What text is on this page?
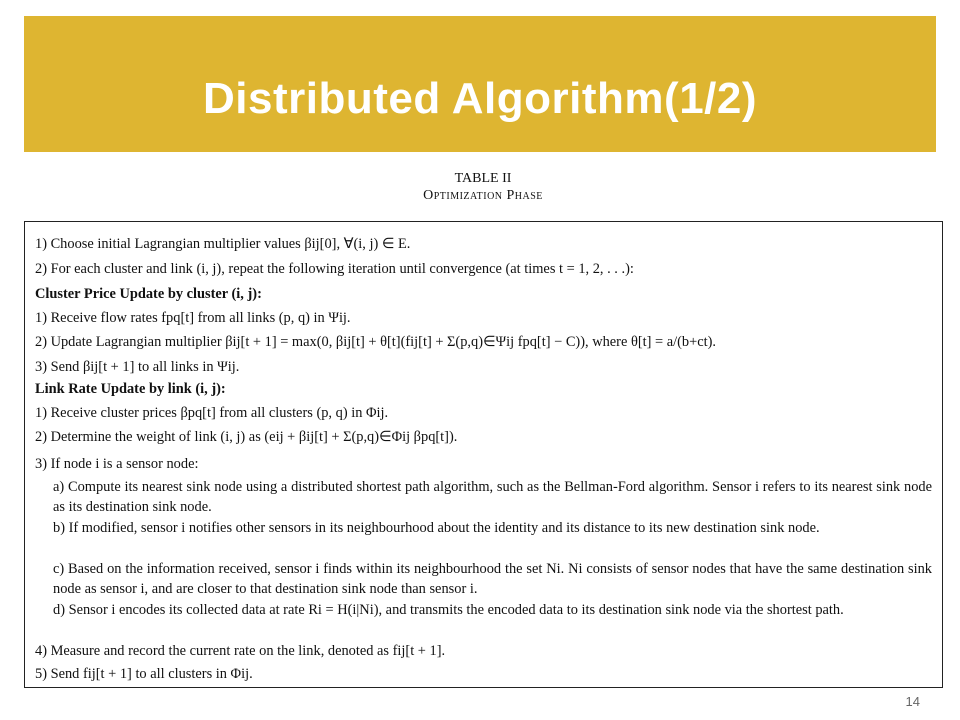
Distributed Algorithm(1/2)
TABLE II
Optimization Phase
1) Choose initial Lagrangian multiplier values βij[0], ∀(i, j) ∈ E.
2) For each cluster and link (i, j), repeat the following iteration until convergence (at times t = 1, 2, . . .):
Cluster Price Update by cluster (i, j):
1) Receive flow rates fpq[t] from all links (p, q) in Ψij.
2) Update Lagrangian multiplier βij[t + 1] = max(0, βij[t] + θ[t](fij[t] + Σ(p,q)∈Ψij fpq[t] − C)), where θ[t] = a/(b+ct).
3) Send βij[t + 1] to all links in Ψij.
Link Rate Update by link (i, j):
1) Receive cluster prices βpq[t] from all clusters (p, q) in Φij.
2) Determine the weight of link (i, j) as (eij + βij[t] + Σ(p,q)∈Φij βpq[t]).
3) If node i is a sensor node:
a) Compute its nearest sink node using a distributed shortest path algorithm, such as the Bellman-Ford algorithm. Sensor i refers to its nearest sink node as its destination sink node.
b) If modified, sensor i notifies other sensors in its neighbourhood about the identity and its distance to its new destination sink node.
c) Based on the information received, sensor i finds within its neighbourhood the set Ni. Ni consists of sensor nodes that have the same destination sink node as sensor i, and are closer to that destination sink node than sensor i.
d) Sensor i encodes its collected data at rate Ri = H(i|Ni), and transmits the encoded data to its destination sink node via the shortest path.
4) Measure and record the current rate on the link, denoted as fij[t + 1].
5) Send fij[t + 1] to all clusters in Φij.
14
